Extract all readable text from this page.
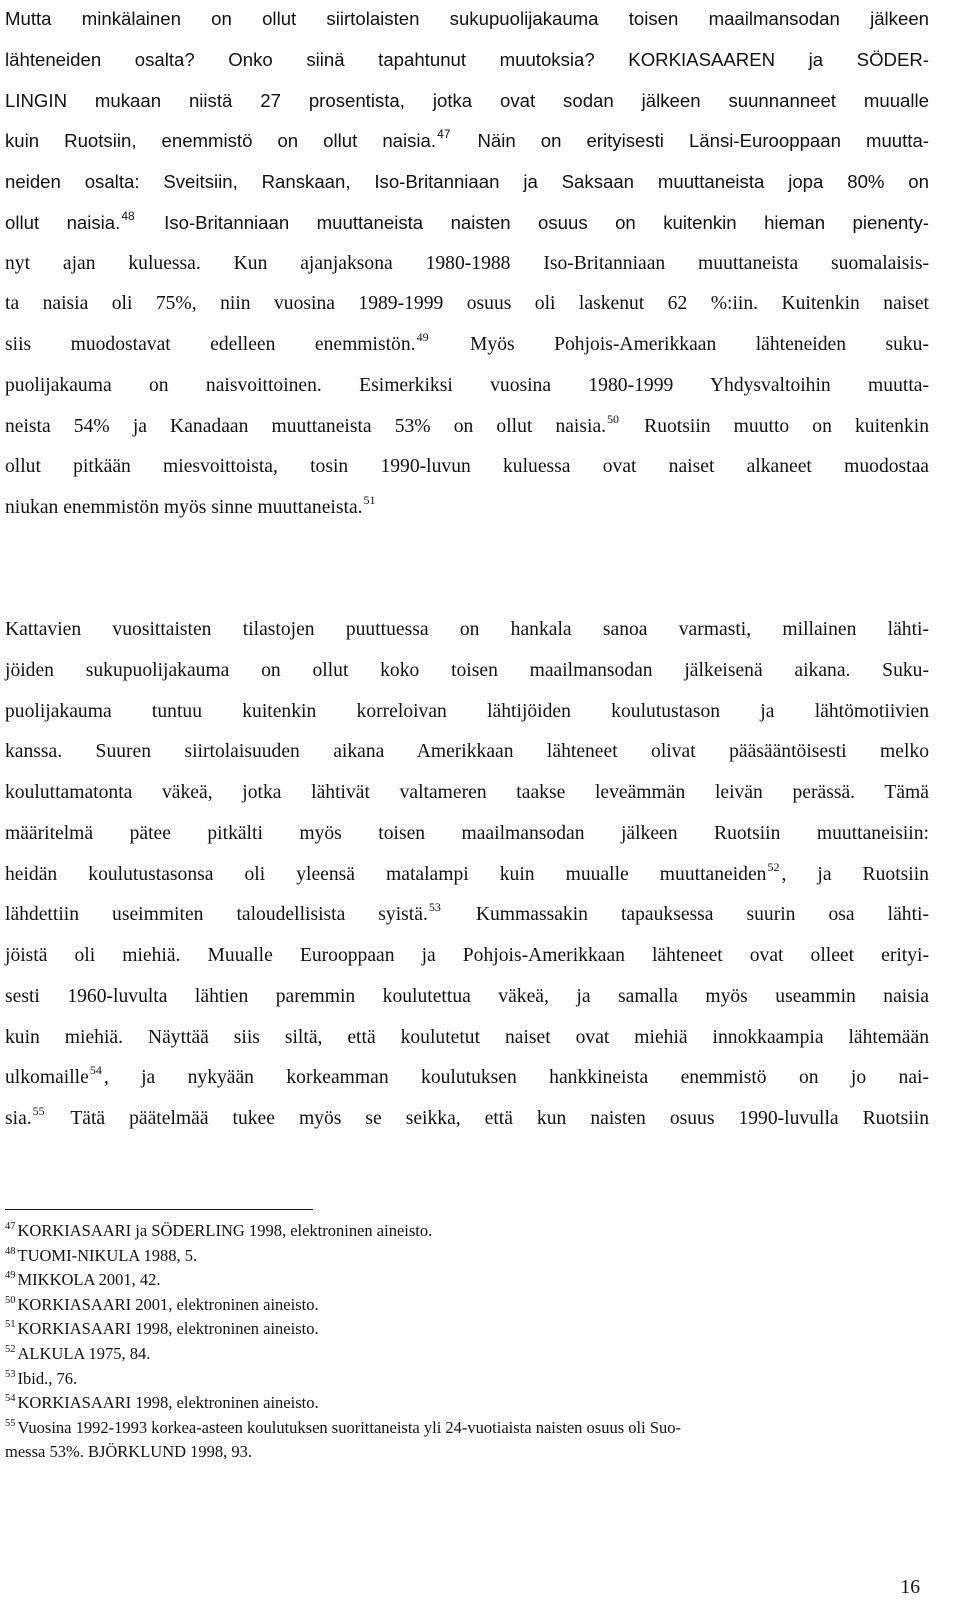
Mutta minkälainen on ollut siirtolaisten sukupuolijakauma toisen maailmansodan jälkeen
lähteneiden osalta? Onko siinä tapahtunut muutoksia? KORKIASAAREN ja SÖDER-
LINGIN mukaan niistä 27 prosentista, jotka ovat sodan jälkeen suunnanneet muualle
kuin Ruotsiin, enemmistö on ollut naisia.$^{47}$ Näin on erityisesti Länsi-Eurooppaan muutta-
neiden osalta: Sveitsiin, Ranskaan, Iso-Britanniaan ja Saksaan muuttaneista jopa 80% on
ollut naisia.$^{48}$ Iso-Britanniaan muuttaneista naisten osuus on kuitenkin hieman pienenty-
nyt ajan kuluessa. Kun ajanjaksona 1980-1988 Iso-Britanniaan muuttaneista suomalaisis-
ta naisia oli 75%, niin vuosina 1989-1999 osuus oli laskenut 62 %:iin. Kuitenkin naiset
siis muodostavat edelleen enemmistön.$^{49}$ Myös Pohjois-Amerikkaan lähteneiden suku-
puolijakauma on naisvoittoinen. Esimerkiksi vuosina 1980-1999 Yhdysvaltoihin muutta-
neista 54% ja Kanadaan muuttaneista 53% on ollut naisia.$^{50}$ Ruotsiin muutto on kuitenkin
ollut pitkään miesvoittoista, tosin 1990-luvun kuluessa ovat naiset alkaneet muodostaa
niukan enemmistön myös sinne muuttaneista.$^{51}$
Kattavien vuosittaisten tilastojen puuttuessa on hankala sanoa varmasti, millainen lähti-
jöiden sukupuolijakauma on ollut koko toisen maailmansodan jälkeisenä aikana. Suku-
puolijakauma tuntuu kuitenkin korreloivan lähtijöiden koulutustason ja lähtömotiivien
kanssa. Suuren siirtolaisuuden aikana Amerikkaan lähteneet olivat pääsääntöisesti melko
kouluttamatonta väkeä, jotka lähtivät valtameren taakse leveämmän leivän perässä. Tämä
määritelmä pätee pitkälti myös toisen maailmansodan jälkeen Ruotsiin muuttaneisiin:
heidän koulutustasonsa oli yleensä matalampi kuin muualle muuttaneiden$^{52}$ , ja Ruotsiin
lähdettiin useimmiten taloudellisista syistä.$^{53}$ Kummassakin tapauksessa suurin osa lähti-
jöistä oli miehiä. Muualle Eurooppaan ja Pohjois-Amerikkaan lähteneet ovat olleet erityi-
sesti 1960-luvulta lähtien paremmin koulutettua väkeä, ja samalla myös useammin naisia
kuin miehiä. Näyttää siis siltä, että koulutetut naiset ovat miehiä innokkaampia lähtemään
ulkomaille$^{54}$ , ja nykyään korkeamman koulutuksen hankkineista enemmistö on jo nai-
sia.$^{55}$ Tätä päätelmää tukee myös se seikka, että kun naisten osuus 1990-luvulla Ruotsiin
$^{47}$ KORKIASAARI ja SÖDERLING 1998, elektroninen aineisto.
$^{48}$ TUOMI-NIKULA 1988, 5.
$^{49}$ MIKKOLA 2001, 42.
$^{50}$ KORKIASAARI 2001, elektroninen aineisto.
$^{51}$ KORKIASAARI 1998, elektroninen aineisto.
$^{52}$ ALKULA 1975, 84.
$^{53}$ Ibid., 76.
$^{54}$ KORKIASAARI 1998, elektroninen aineisto.
$^{55}$ Vuosina 1992-1993 korkea-asteen koulutuksen suorittaneista yli 24-vuotiaista naisten osuus oli Suo-
messa 53%. BJÖRKLUND 1998, 93.
16
